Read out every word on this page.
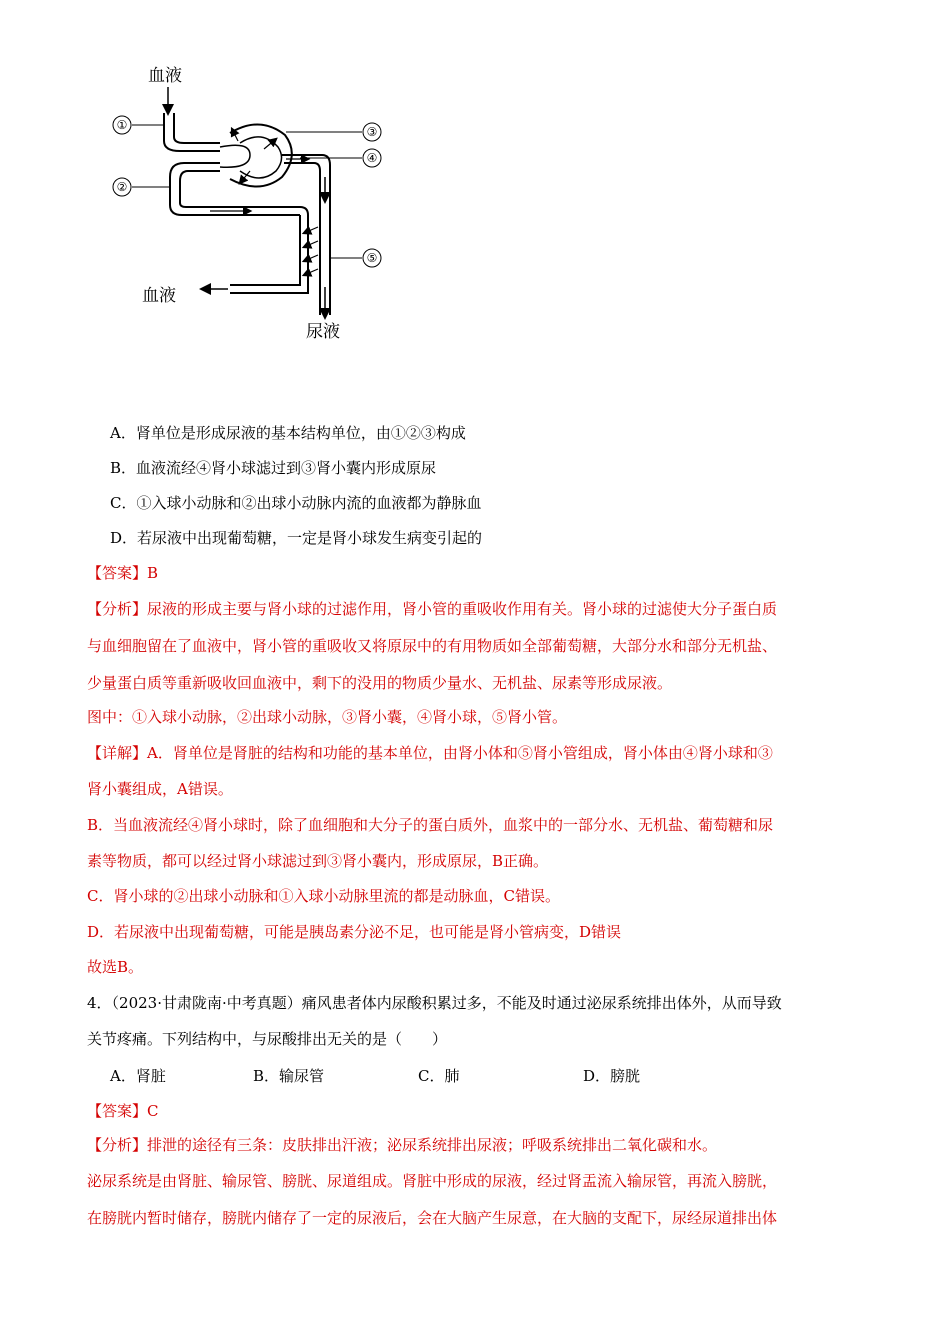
血液
血液
尿液
①
②
③
④
⑤
A．肾单位是形成尿液的基本结构单位，由①②③构成
B．血液流经④肾小球滤过到③肾小囊内形成原尿
C．①入球小动脉和②出球小动脉内流的血液都为静脉血
D．若尿液中出现葡萄糖，一定是肾小球发生病变引起的
【答案】B
【分析】尿液的形成主要与肾小球的过滤作用，肾小管的重吸收作用有关。肾小球的过滤使大分子蛋白质
与血细胞留在了血液中，肾小管的重吸收又将原尿中的有用物质如全部葡萄糖，大部分水和部分无机盐、
少量蛋白质等重新吸收回血液中，剩下的没用的物质少量水、无机盐、尿素等形成尿液。
图中：①入球小动脉，②出球小动脉，③肾小囊，④肾小球，⑤肾小管。
【详解】A．肾单位是肾脏的结构和功能的基本单位，由肾小体和⑤肾小管组成，肾小体由④肾小球和③
肾小囊组成，A错误。
B．当血液流经④肾小球时，除了血细胞和大分子的蛋白质外，血浆中的一部分水、无机盐、葡萄糖和尿
素等物质，都可以经过肾小球滤过到③肾小囊内，形成原尿，B正确。
C．肾小球的②出球小动脉和①入球小动脉里流的都是动脉血，C错误。
D．若尿液中出现葡萄糖，可能是胰岛素分泌不足，也可能是肾小管病变，D错误
故选B。
4．（2023·甘肃陇南·中考真题）痛风患者体内尿酸积累过多，不能及时通过泌尿系统排出体外，从而导致
关节疼痛。下列结构中，与尿酸排出无关的是（　　）
A．肾脏	B．输尿管	C．肺	D．膀胱
【答案】C
【分析】排泄的途径有三条：皮肤排出汗液；泌尿系统排出尿液；呼吸系统排出二氧化碳和水。
泌尿系统是由肾脏、输尿管、膀胱、尿道组成。肾脏中形成的尿液，经过肾盂流入输尿管，再流入膀胱，
在膀胱内暂时储存，膀胱内储存了一定的尿液后，会在大脑产生尿意，在大脑的支配下，尿经尿道排出体
